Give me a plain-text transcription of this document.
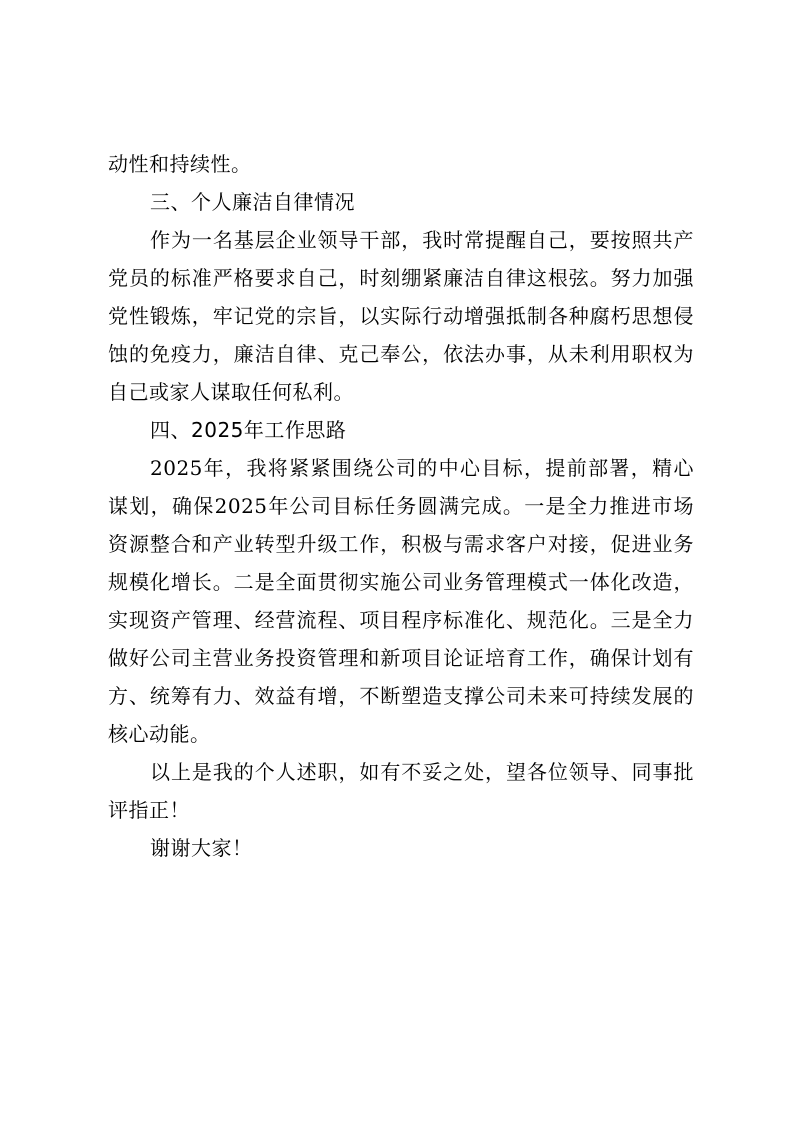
动性和持续性。
三、个人廉洁自律情况
作为一名基层企业领导干部，我时常提醒自己，要按照共产
党员的标准严格要求自己，时刻绷紧廉洁自律这根弦。努力加强
党性锻炼，牢记党的宗旨，以实际行动增强抵制各种腐朽思想侵
蚀的免疫力，廉洁自律、克己奉公，依法办事，从未利用职权为
自己或家人谋取任何私利。
四、2025年工作思路
2025年，我将紧紧围绕公司的中心目标，提前部署，精心
谋划，确保2025年公司目标任务圆满完成。一是全力推进市场
资源整合和产业转型升级工作，积极与需求客户对接，促进业务
规模化增长。二是全面贯彻实施公司业务管理模式一体化改造，
实现资产管理、经营流程、项目程序标准化、规范化。三是全力
做好公司主营业务投资管理和新项目论证培育工作，确保计划有
方、统筹有力、效益有增，不断塑造支撑公司未来可持续发展的
核心动能。
以上是我的个人述职，如有不妥之处，望各位领导、同事批
评指正！
谢谢大家！
